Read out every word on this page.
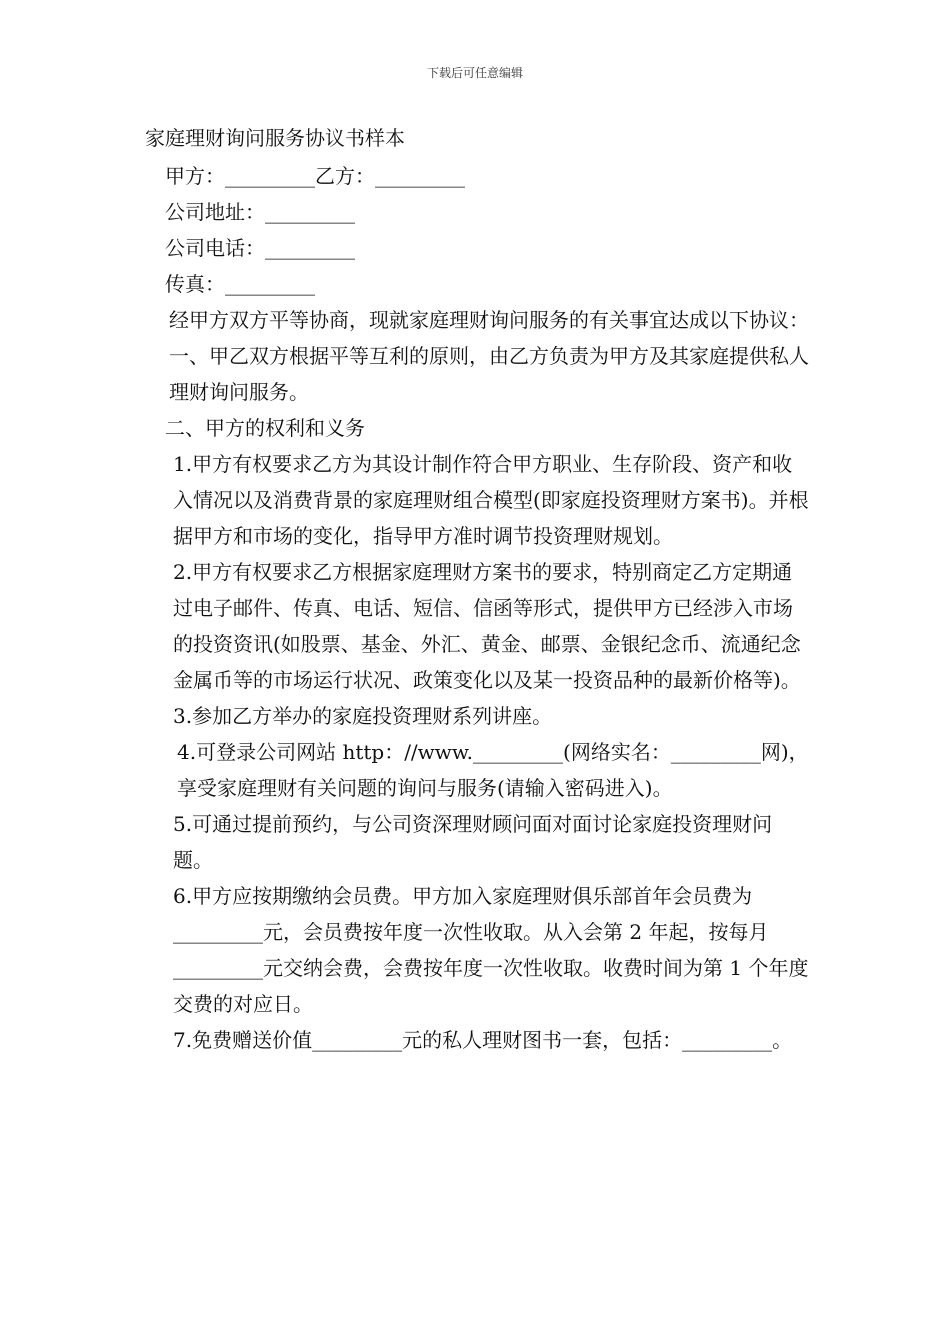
下载后可任意编辑
家庭理财询问服务协议书样本

甲方：_________乙方：_________

公司地址：_________

公司电话：_________

传真：_________

经甲方双方平等协商，现就家庭理财询问服务的有关事宜达成以下协议：

一、甲乙双方根据平等互利的原则，由乙方负责为甲方及其家庭提供私人理财询问服务。

二、甲方的权利和义务

1.甲方有权要求乙方为其设计制作符合甲方职业、生存阶段、资产和收入情况以及消费背景的家庭理财组合模型(即家庭投资理财方案书)。并根据甲方和市场的变化，指导甲方准时调节投资理财规划。

2.甲方有权要求乙方根据家庭理财方案书的要求，特别商定乙方定期通过电子邮件、传真、电话、短信、信函等形式，提供甲方已经涉入市场的投资资讯(如股票、基金、外汇、黄金、邮票、金银纪念币、流通纪念金属币等的市场运行状况、政策变化以及某一投资品种的最新价格等)。

3.参加乙方举办的家庭投资理财系列讲座。

4.可登录公司网站 http：//www._________(网络实名：_________网)，享受家庭理财有关问题的询问与服务(请输入密码进入)。

5.可通过提前预约，与公司资深理财顾问面对面讨论家庭投资理财问题。

6.甲方应按期缴纳会员费。甲方加入家庭理财俱乐部首年会员费为_________元，会员费按年度一次性收取。从入会第 2 年起，按每月_________元交纳会费，会费按年度一次性收取。收费时间为第 1 个年度交费的对应日。

7.免费赠送价值_________元的私人理财图书一套，包括：_________。
